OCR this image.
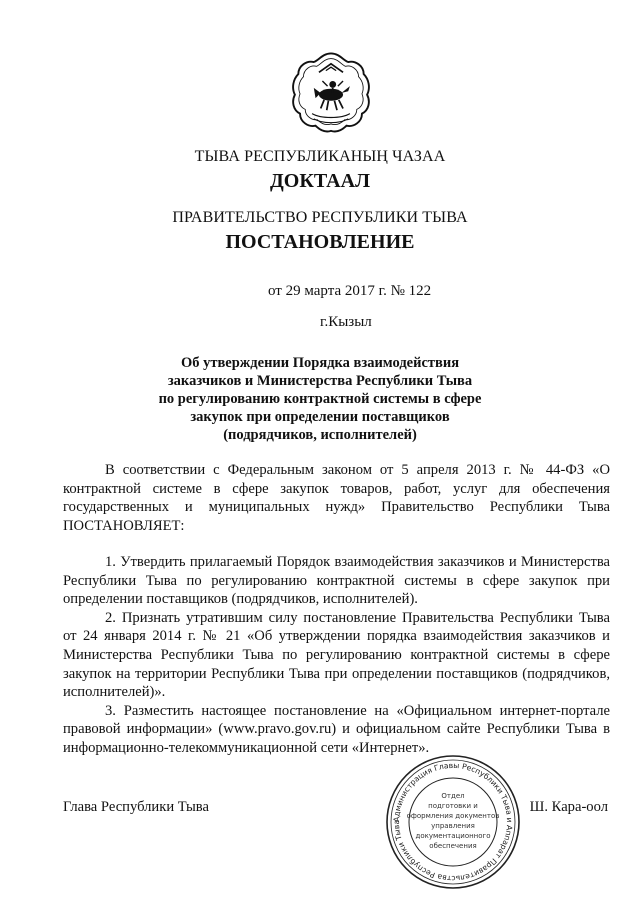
ТЫВА РЕСПУБЛИКАНЫҢ ЧАЗАА
ДОКТААЛ
ПРАВИТЕЛЬСТВО РЕСПУБЛИКИ ТЫВА
ПОСТАНОВЛЕНИЕ
от 29 марта 2017 г. № 122
г.Кызыл
Об утверждении Порядка взаимодействия
заказчиков и Министерства Республики Тыва
по регулированию контрактной системы в сфере
закупок при определении поставщиков
(подрядчиков, исполнителей)
В соответствии с Федеральным законом от 5 апреля 2013 г. № 44-ФЗ «О контрактной системе в сфере закупок товаров, работ, услуг для обеспечения государственных и муниципальных нужд» Правительство Республики Тыва ПОСТАНОВЛЯЕТ:
1. Утвердить прилагаемый Порядок взаимодействия заказчиков и Министерства Республики Тыва по регулированию контрактной системы в сфере закупок при определении поставщиков (подрядчиков, исполнителей).
2. Признать утратившим силу постановление Правительства Республики Тыва от 24 января 2014 г. № 21 «Об утверждении порядка взаимодействия заказчиков и Министерства Республики Тыва по регулированию контрактной системы в сфере закупок на территории Республики Тыва при определении поставщиков (подрядчиков, исполнителей)».
3. Разместить настоящее постановление на «Официальном интернет-портале правовой информации» (www.pravo.gov.ru) и официальном сайте Республики Тыва в информационно-телекоммуникационной сети «Интернет».
Администрация Главы Республики Тыва и Аппарат Правительства Республики Тыва
Отдел
подготовки и
оформления документов
управления
документационного
обеспечения
Глава Республики Тыва	Ш. Кара-оол
